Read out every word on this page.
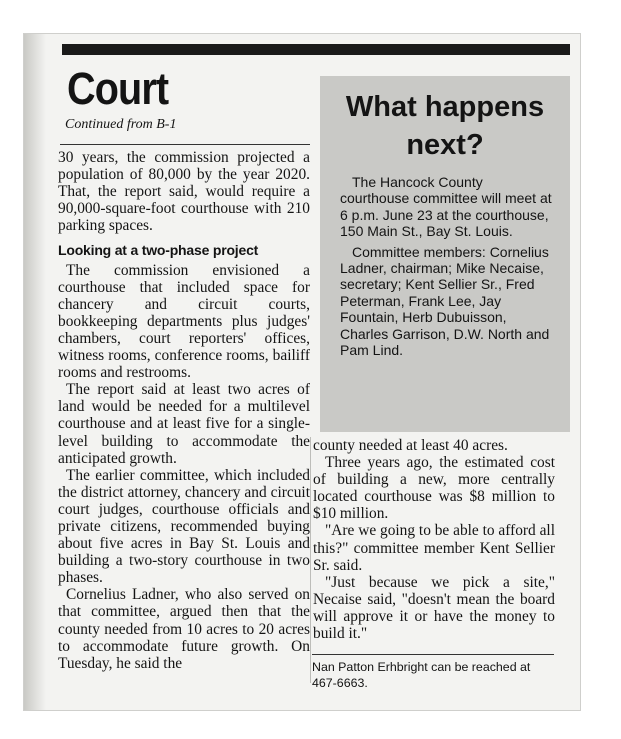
Court
Continued from B-1

30 years, the commission projected a population of 80,000 by the year 2020. That, the report said, would require a 90,000-square-foot courthouse with 210 parking spaces.

Looking at a two-phase project

The commission envisioned a courthouse that included space for chancery and circuit courts, bookkeeping departments plus judges' chambers, court reporters' offices, witness rooms, conference rooms, bailiff rooms and restrooms.

The report said at least two acres of land would be needed for a multilevel courthouse and at least five for a single-level building to accommodate the anticipated growth.

The earlier committee, which included the district attorney, chancery and circuit court judges, courthouse officials and private citizens, recommended buying about five acres in Bay St. Louis and building a two-story courthouse in two phases.

Cornelius Ladner, who also served on that committee, argued then that the county needed from 10 acres to 20 acres to accommodate future growth. On Tuesday, he said the

What happens next?

The Hancock County courthouse committee will meet at 6 p.m. June 23 at the courthouse, 150 Main St., Bay St. Louis.

Committee members: Cornelius Ladner, chairman; Mike Necaise, secretary; Kent Sellier Sr., Fred Peterman, Frank Lee, Jay Fountain, Herb Dubuisson, Charles Garrison, D.W. North and Pam Lind.

county needed at least 40 acres.

Three years ago, the estimated cost of building a new, more centrally located courthouse was $8 million to $10 million.

"Are we going to be able to afford all this?" committee member Kent Sellier Sr. said.

"Just because we pick a site," Necaise said, "doesn't mean the board will approve it or have the money to build it."

Nan Patton Erhbright can be reached at 467-6663.
